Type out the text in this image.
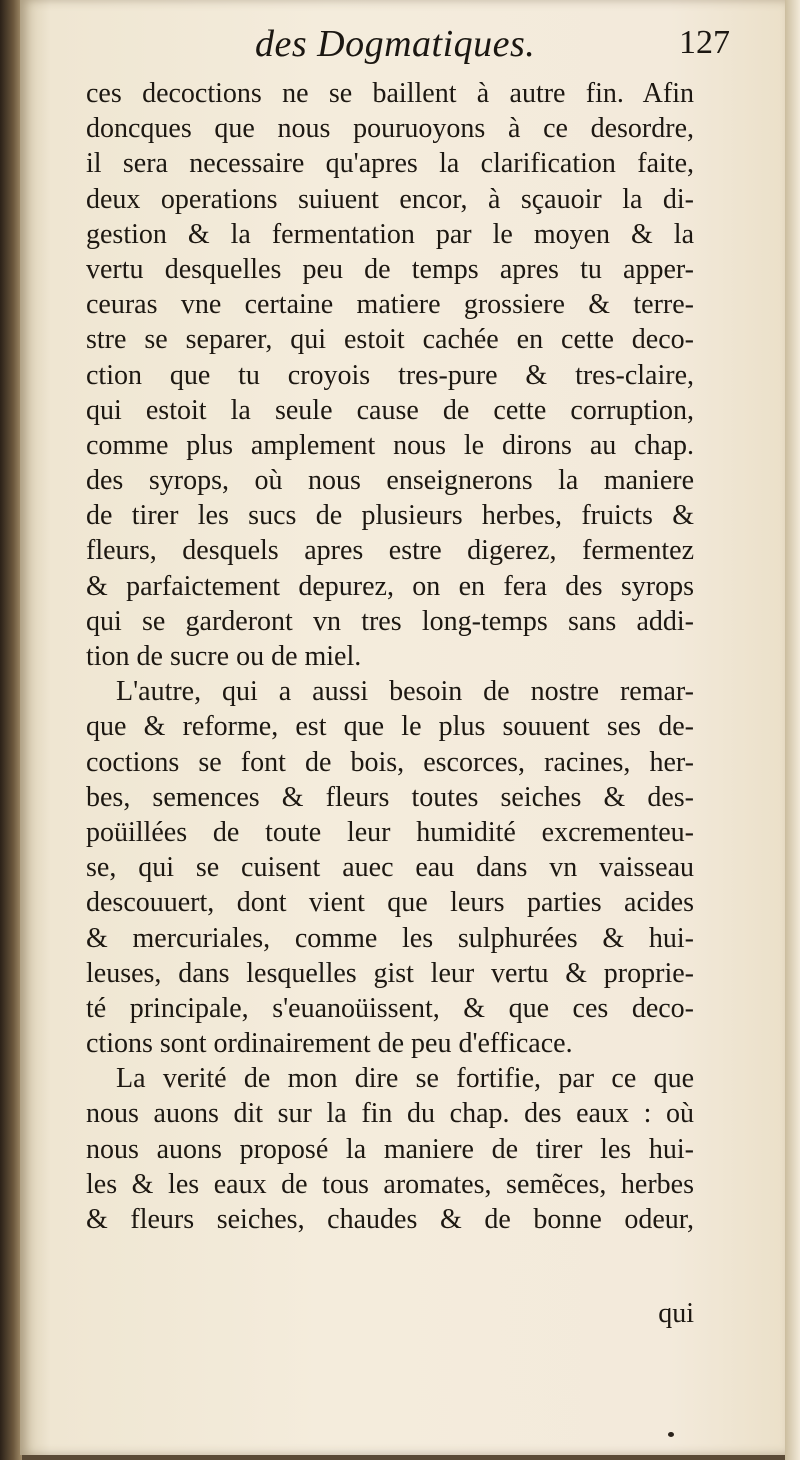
des Dogmatiques.	127
ces decoctions ne se baillent à autre fin. Afin
doncques que nous pouruoyons à ce desordre,
il sera necessaire qu'apres la clarification faite,
deux operations suiuent encor, à sçauoir la di-
gestion & la fermentation par le moyen & la
vertu desquelles peu de temps apres tu apper-
ceuras vne certaine matiere grossiere & terre-
stre se separer, qui estoit cachée en cette deco-
ction que tu croyois tres-pure & tres-claire,
qui estoit la seule cause de cette corruption,
comme plus amplement nous le dirons au chap.
des syrops, où nous enseignerons la maniere
de tirer les sucs de plusieurs herbes, fruicts &
fleurs, desquels apres estre digerez, fermentez
& parfaictement depurez, on en fera des syrops
qui se garderont vn tres long-temps sans addi-
tion de sucre ou de miel.
L'autre, qui a aussi besoin de nostre remar-
que & reforme, est que le plus souuent ses de-
coctions se font de bois, escorces, racines, her-
bes, semences & fleurs toutes seiches & des-
poüillées de toute leur humidité excrementeu-
se, qui se cuisent auec eau dans vn vaisseau
descouuert, dont vient que leurs parties acides
& mercuriales, comme les sulphurées & hui-
leuses, dans lesquelles gist leur vertu & proprie-
té principale, s'euanoüissent, & que ces deco-
ctions sont ordinairement de peu d'efficace.
La verité de mon dire se fortifie, par ce que
nous auons dit sur la fin du chap. des eaux : où
nous auons proposé la maniere de tirer les hui-
les & les eaux de tous aromates, semẽces, herbes
& fleurs seiches, chaudes & de bonne odeur,
qui
